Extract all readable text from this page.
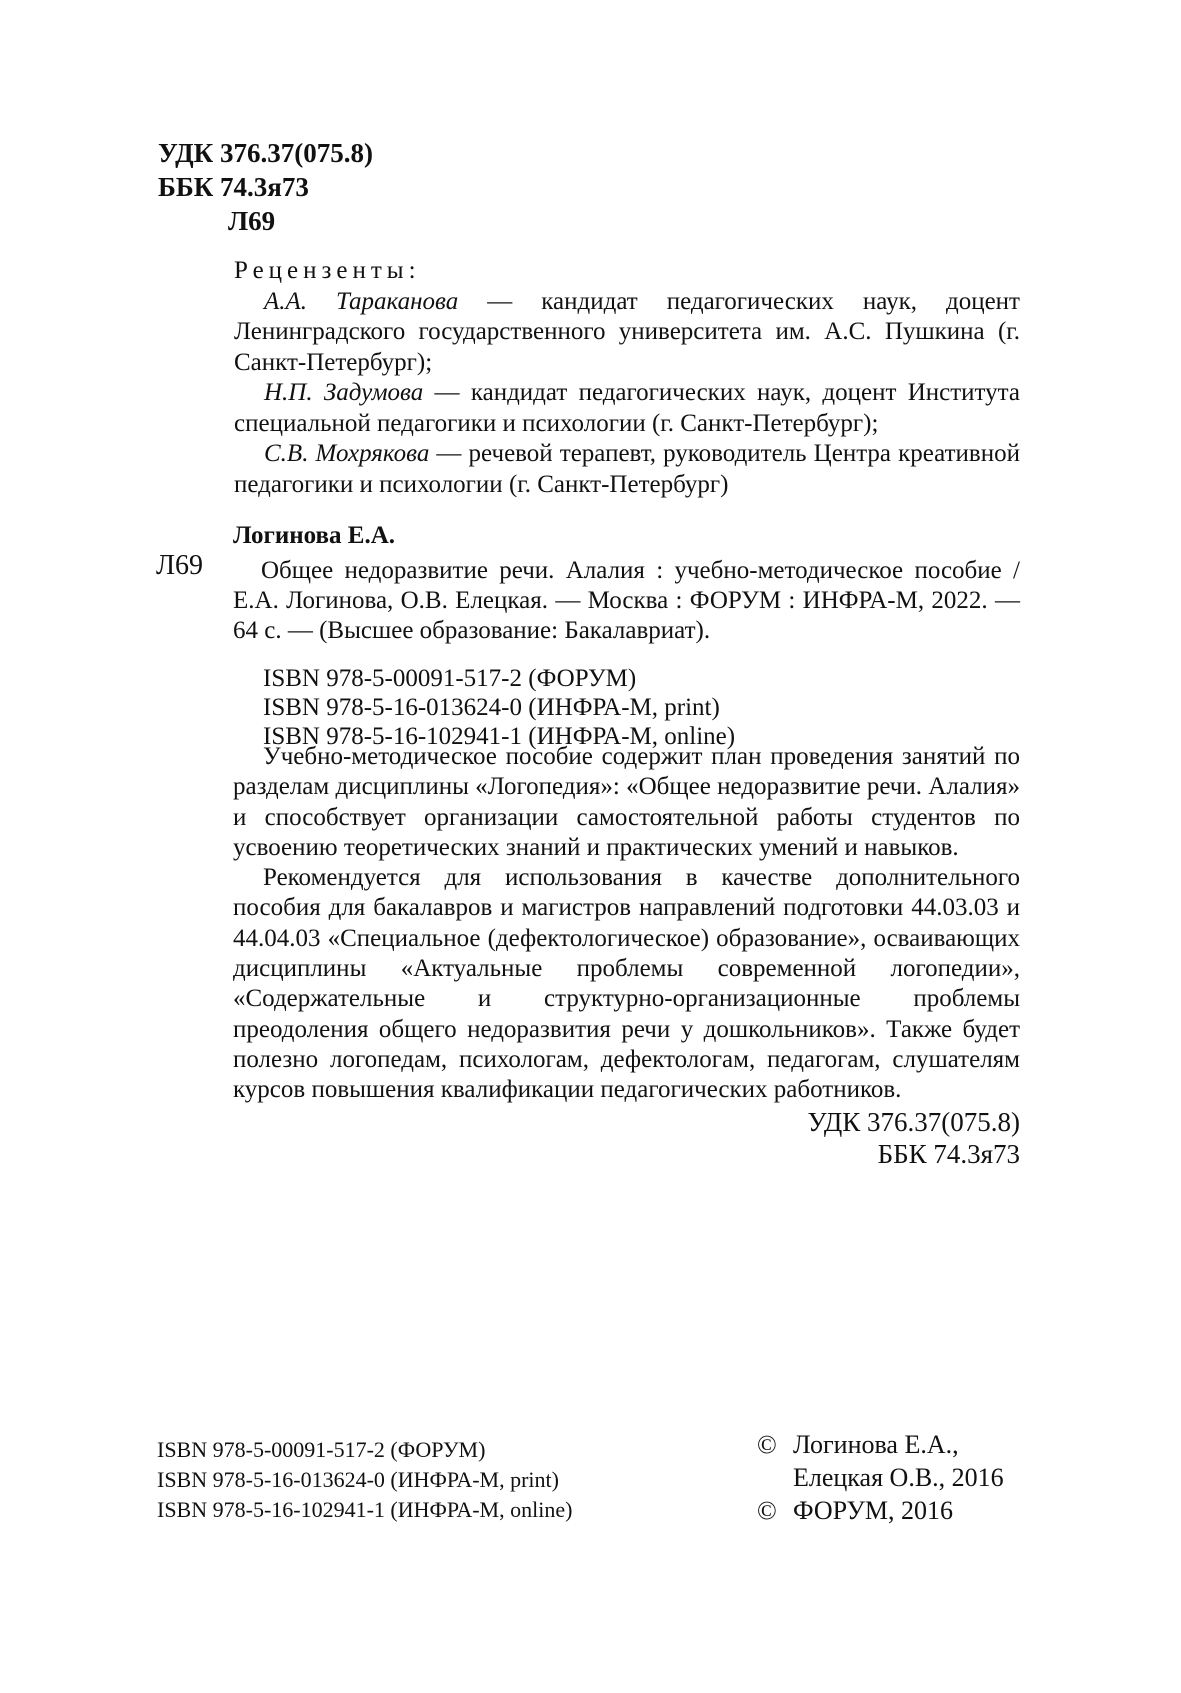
УДК 376.37(075.8)
ББК 74.3я73
Л69
Рецензенты:
А.А. Тараканова — кандидат педагогических наук, доцент Ленинградского государственного университета им. А.С. Пушкина (г. Санкт-Петербург);
Н.П. Задумова — кандидат педагогических наук, доцент Института специальной педагогики и психологии (г. Санкт-Петербург);
С.В. Мохрякова — речевой терапевт, руководитель Центра креативной педагогики и психологии (г. Санкт-Петербург)
Логинова Е.А.
Л69	Общее недоразвитие речи. Алалия : учебно-методическое пособие / Е.А. Логинова, О.В. Елецкая. — Москва : ФОРУМ : ИНФРА-М, 2022. — 64 с. — (Высшее образование: Бакалавриат).
ISBN 978-5-00091-517-2 (ФОРУМ)
ISBN 978-5-16-013624-0 (ИНФРА-М, print)
ISBN 978-5-16-102941-1 (ИНФРА-М, online)

Учебно-методическое пособие содержит план проведения занятий по разделам дисциплины «Логопедия»: «Общее недоразвитие речи. Алалия» и способствует организации самостоятельной работы студентов по усвоению теоретических знаний и практических умений и навыков.

Рекомендуется для использования в качестве дополнительного пособия для бакалавров и магистров направлений подготовки 44.03.03 и 44.04.03 «Специальное (дефектологическое) образование», осваивающих дисциплины «Актуальные проблемы современной логопедии», «Содержательные и структурно-организационные проблемы преодоления общего недоразвития речи у дошкольников». Также будет полезно логопедам, психологам, дефектологам, педагогам, слушателям курсов повышения квалификации педагогических работников.

УДК 376.37(075.8)
ББК 74.3я73
ISBN 978-5-00091-517-2 (ФОРУМ)
ISBN 978-5-16-013624-0 (ИНФРА-М, print)
ISBN 978-5-16-102941-1 (ИНФРА-М, online)
© Логинова Е.А.,
Елецкая О.В., 2016
© ФОРУМ, 2016
